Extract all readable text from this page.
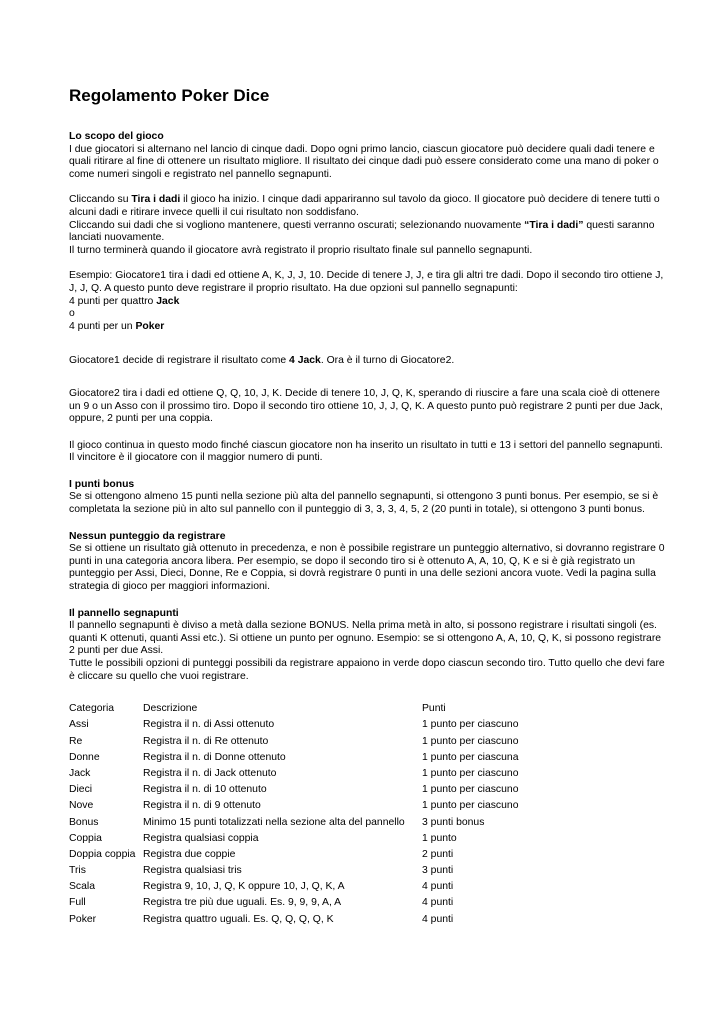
Regolamento Poker Dice

Lo scopo del gioco

I due giocatori si alternano nel lancio di cinque dadi. Dopo ogni primo lancio, ciascun giocatore può decidere quali dadi tenere e quali ritirare al fine di ottenere un risultato migliore. Il risultato dei cinque dadi può essere considerato come una mano di poker o come numeri singoli e registrato nel pannello segnapunti.

Cliccando su Tira i dadi il gioco ha inizio. I cinque dadi appariranno sul tavolo da gioco. Il giocatore può decidere di tenere tutti o alcuni dadi e ritirare invece quelli il cui risultato non soddisfano.

Cliccando sui dadi che si vogliono mantenere, questi verranno oscurati; selezionando nuovamente “Tira i dadi” questi saranno lanciati nuovamente.

Il turno terminerà quando il giocatore avrà registrato il proprio risultato finale sul pannello segnapunti.

Esempio: Giocatore1 tira i dadi ed ottiene A, K, J, J, 10. Decide di tenere J, J, e tira gli altri tre dadi. Dopo il secondo tiro ottiene J, J, J, Q. A questo punto deve registrare il proprio risultato. Ha due opzioni sul pannello segnapunti:

4 punti per quattro Jack

o

4 punti per un Poker

Giocatore1 decide di registrare il risultato come 4 Jack. Ora è il turno di Giocatore2.

Giocatore2 tira i dadi ed ottiene Q, Q, 10, J, K. Decide di tenere 10, J, Q, K, sperando di riuscire a fare una scala cioè di ottenere un 9 o un Asso con il prossimo tiro. Dopo il secondo tiro ottiene 10, J, J, Q, K. A questo punto può registrare 2 punti per due Jack, oppure, 2 punti per una coppia.

Il gioco continua in questo modo finché ciascun giocatore non ha inserito un risultato in tutti e 13 i settori del pannello segnapunti. Il vincitore è il giocatore con il maggior numero di punti.

I punti bonus

Se si ottengono almeno 15 punti nella sezione più alta del pannello segnapunti, si ottengono 3 punti bonus. Per esempio, se si è completata la sezione più in alto sul pannello con il punteggio di 3, 3, 3, 4, 5, 2 (20 punti in totale), si ottengono 3 punti bonus.

Nessun punteggio da registrare

Se si ottiene un risultato già ottenuto in precedenza, e non è possibile registrare un punteggio alternativo, si dovranno registrare 0 punti in una categoria ancora libera. Per esempio, se dopo il secondo tiro si è ottenuto A, A, 10, Q, K e si è già registrato un punteggio per Assi, Dieci, Donne, Re e Coppia, si dovrà registrare 0 punti in una delle sezioni ancora vuote. Vedi la pagina sulla strategia di gioco per maggiori informazioni.

Il pannello segnapunti

Il pannello segnapunti è diviso a metà dalla sezione BONUS. Nella prima metà in alto, si possono registrare i risultati singoli (es. quanti K ottenuti, quanti Assi etc.). Si ottiene un punto per ognuno. Esempio: se si ottengono A, A, 10, Q, K, si possono registrare 2 punti per due Assi.

Tutte le possibili opzioni di punteggi possibili da registrare appaiono in verde dopo ciascun secondo tiro. Tutto quello che devi fare è cliccare su quello che vuoi registrare.

Categoria	Descrizione	Punti
Assi	Registra il n. di Assi ottenuto	1 punto per ciascuno
Re	Registra il n. di Re ottenuto	1 punto per ciascuno
Donne	Registra il n. di Donne ottenuto	1 punto per ciascuna
Jack	Registra il n. di Jack ottenuto	1 punto per ciascuno
Dieci	Registra il n. di 10 ottenuto	1 punto per ciascuno
Nove	Registra il n. di 9 ottenuto	1 punto per ciascuno
Bonus	Minimo 15 punti totalizzati nella sezione alta del pannello	3 punti bonus
Coppia	Registra qualsiasi coppia	1 punto
Doppia coppia	Registra due coppie	2 punti
Tris	Registra qualsiasi tris	3 punti
Scala	Registra 9, 10, J, Q, K oppure 10, J, Q, K, A	4 punti
Full	Registra tre più due uguali. Es. 9, 9, 9, A, A	4 punti
Poker	Registra quattro uguali. Es. Q, Q, Q, Q, K	4 punti
